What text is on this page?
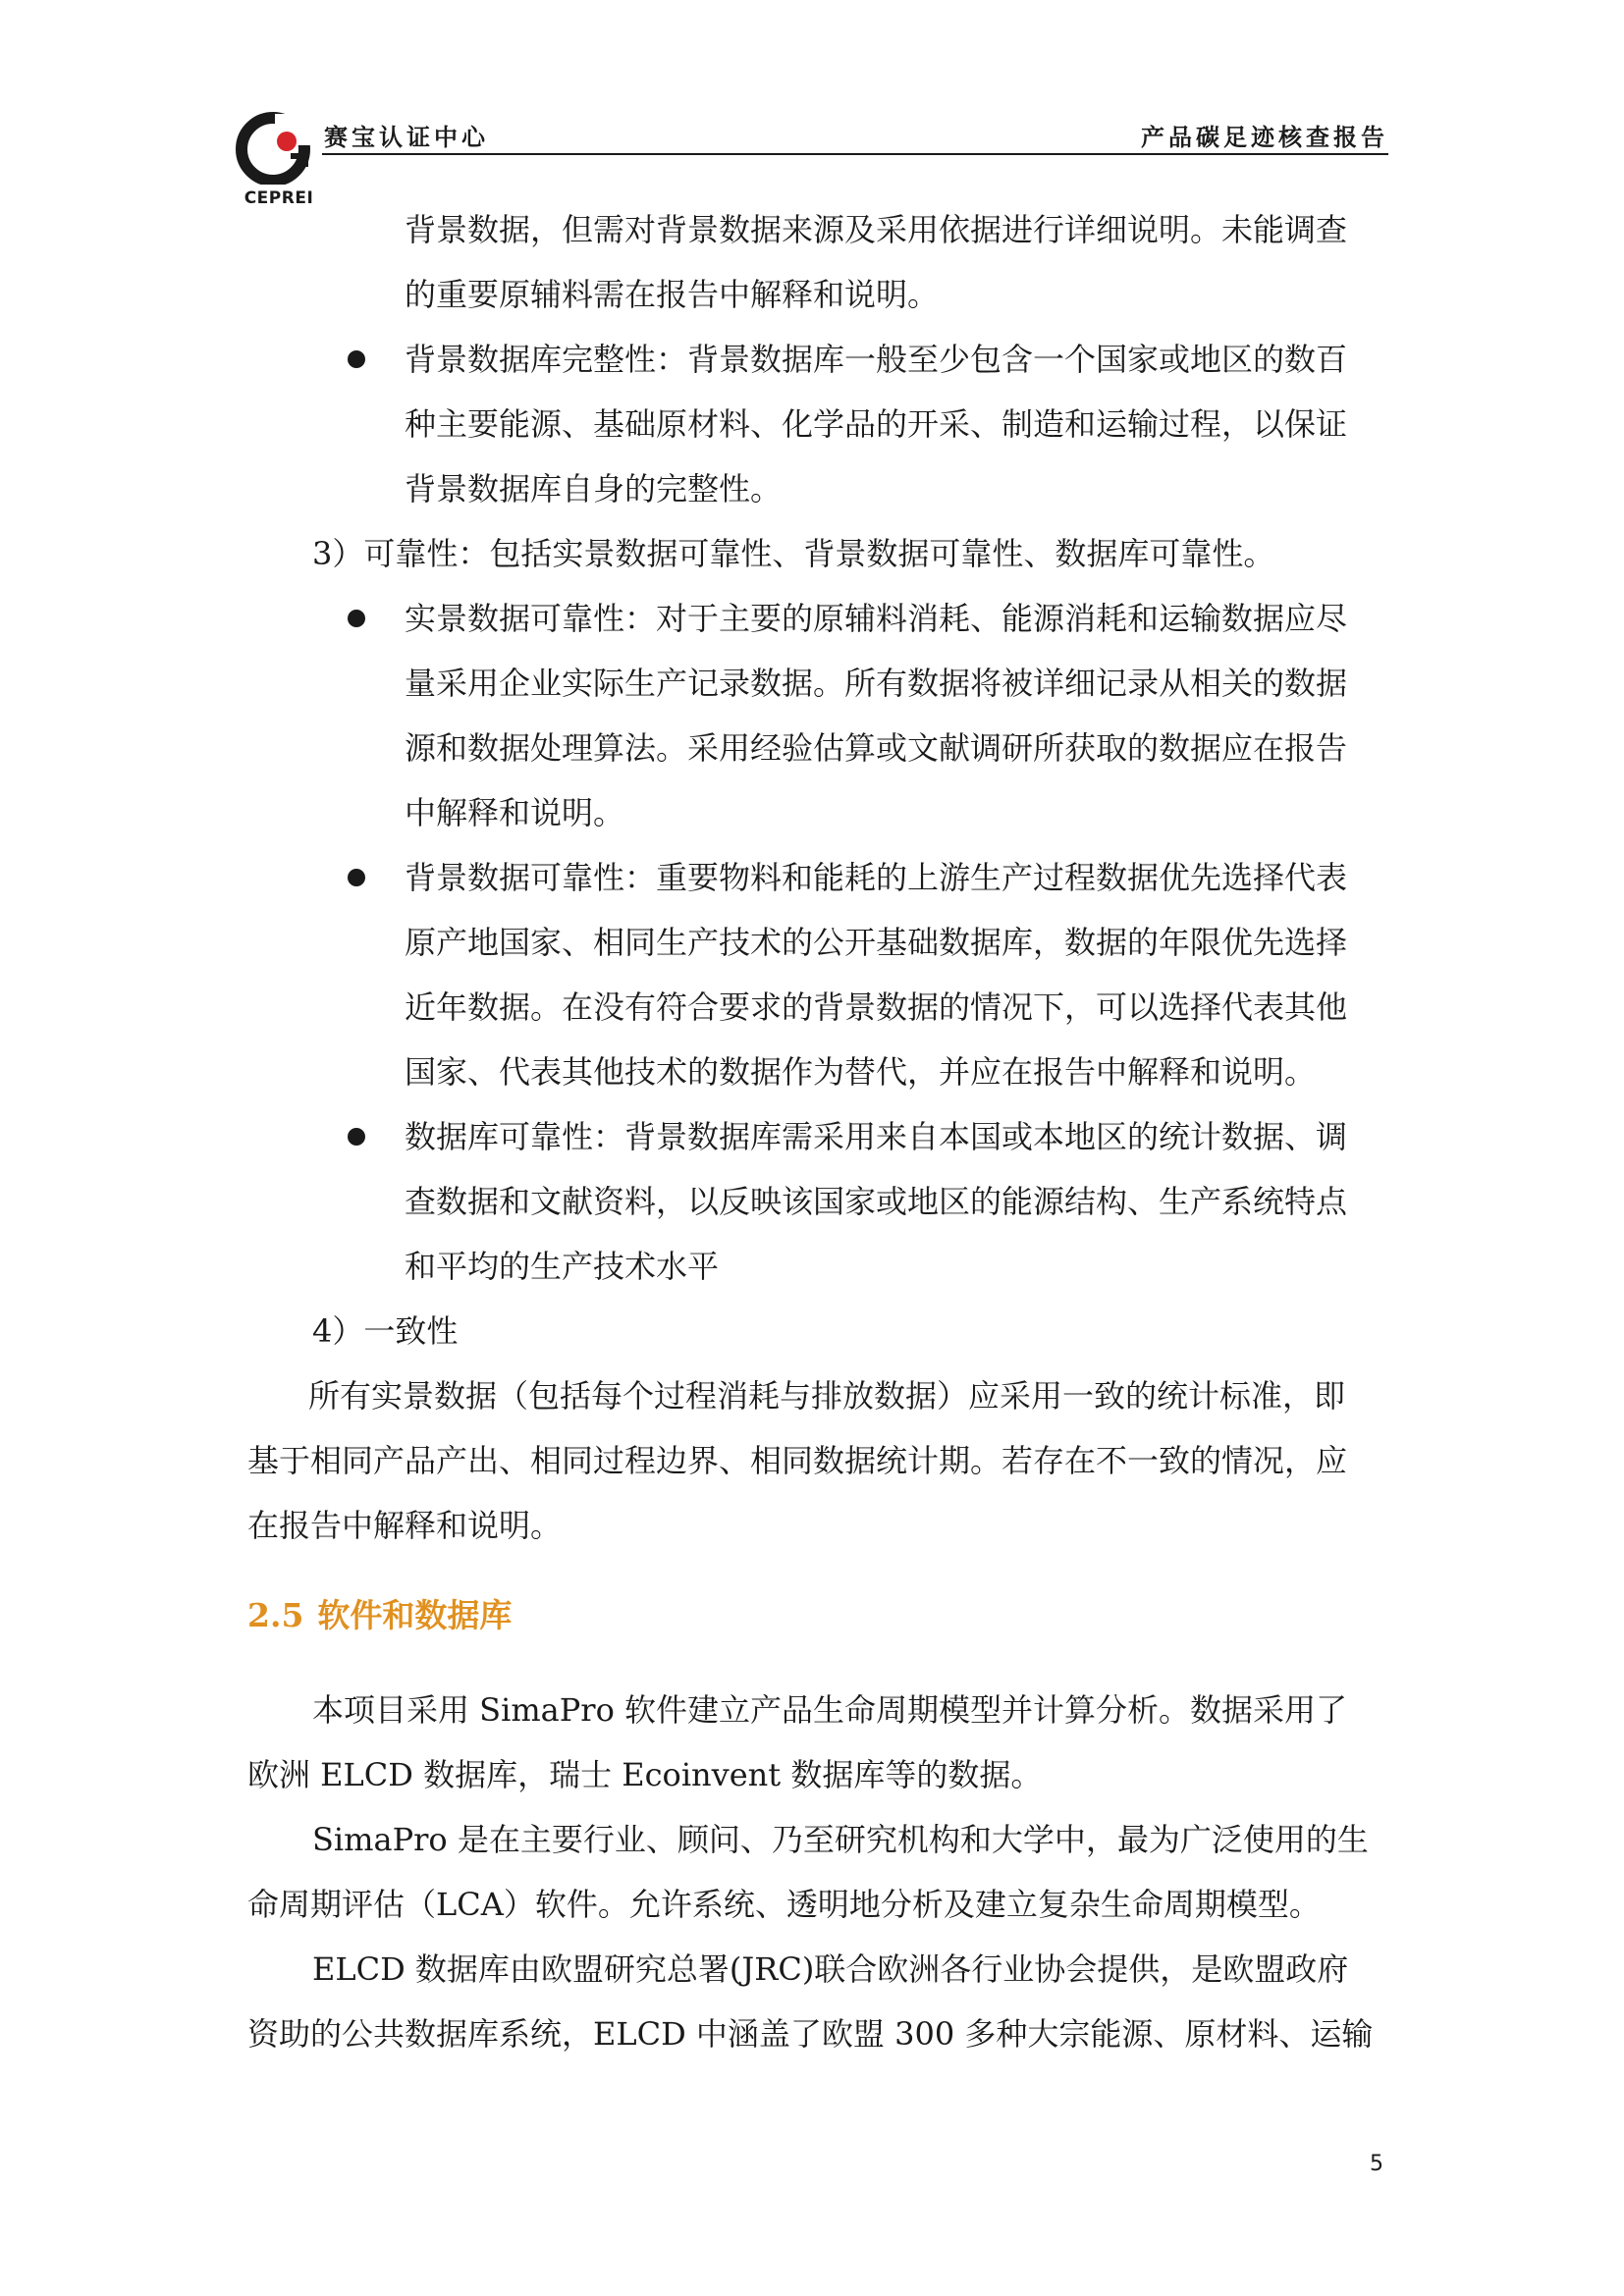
CEPREI
赛宝认证中心	产品碳足迹核查报告
背景数据，但需对背景数据来源及采用依据进行详细说明。未能调查
的重要原辅料需在报告中解释和说明。
背景数据库完整性：背景数据库一般至少包含一个国家或地区的数百
种主要能源、基础原材料、化学品的开采、制造和运输过程，以保证
背景数据库自身的完整性。
3）可靠性：包括实景数据可靠性、背景数据可靠性、数据库可靠性。
实景数据可靠性：对于主要的原辅料消耗、能源消耗和运输数据应尽
量采用企业实际生产记录数据。所有数据将被详细记录从相关的数据
源和数据处理算法。采用经验估算或文献调研所获取的数据应在报告
中解释和说明。
背景数据可靠性：重要物料和能耗的上游生产过程数据优先选择代表
原产地国家、相同生产技术的公开基础数据库，数据的年限优先选择
近年数据。在没有符合要求的背景数据的情况下，可以选择代表其他
国家、代表其他技术的数据作为替代，并应在报告中解释和说明。
数据库可靠性：背景数据库需采用来自本国或本地区的统计数据、调
查数据和文献资料，以反映该国家或地区的能源结构、生产系统特点
和平均的生产技术水平
4）一致性
所有实景数据（包括每个过程消耗与排放数据）应采用一致的统计标准，即
基于相同产品产出、相同过程边界、相同数据统计期。若存在不一致的情况，应
在报告中解释和说明。
2.5 软件和数据库
本项目采用 SimaPro 软件建立产品生命周期模型并计算分析。数据采用了
欧洲 ELCD 数据库，瑞士 Ecoinvent 数据库等的数据。
SimaPro 是在主要行业、顾问、乃至研究机构和大学中，最为广泛使用的生
命周期评估（LCA）软件。允许系统、透明地分析及建立复杂生命周期模型。
ELCD 数据库由欧盟研究总署(JRC)联合欧洲各行业协会提供，是欧盟政府
资助的公共数据库系统，ELCD 中涵盖了欧盟 300 多种大宗能源、原材料、运输
5
